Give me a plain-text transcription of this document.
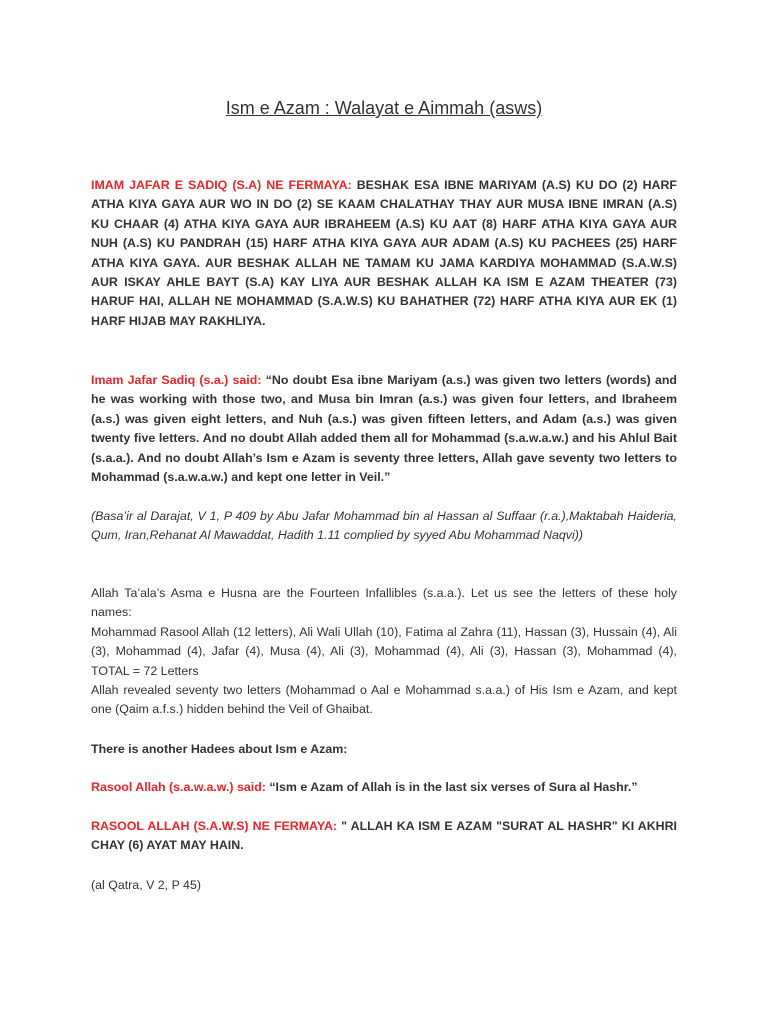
Ism e Azam : Walayat e Aimmah (asws)

IMAM JAFAR E SADIQ (S.A) NE FERMAYA: BESHAK ESA IBNE MARIYAM (A.S) KU DO (2) HARF ATHA KIYA GAYA AUR WO IN DO (2) SE KAAM CHALATHAY THAY AUR MUSA IBNE IMRAN (A.S) KU CHAAR (4) ATHA KIYA GAYA AUR IBRAHEEM (A.S) KU AAT (8) HARF ATHA KIYA GAYA AUR NUH (A.S) KU PANDRAH (15) HARF ATHA KIYA GAYA AUR ADAM (A.S) KU PACHEES (25) HARF ATHA KIYA GAYA. AUR BESHAK ALLAH NE TAMAM KU JAMA KARDIYA MOHAMMAD (S.A.W.S) AUR ISKAY AHLE BAYT (S.A) KAY LIYA AUR BESHAK ALLAH KA ISM E AZAM THEATER (73) HARUF HAI, ALLAH NE MOHAMMAD (S.A.W.S) KU BAHATHER (72) HARF ATHA KIYA AUR EK (1) HARF HIJAB MAY RAKHLIYA.

Imam Jafar Sadiq (s.a.) said: “No doubt Esa ibne Mariyam (a.s.) was given two letters (words) and he was working with those two, and Musa bin Imran (a.s.) was given four letters, and Ibraheem (a.s.) was given eight letters, and Nuh (a.s.) was given fifteen letters, and Adam (a.s.) was given twenty five letters. And no doubt Allah added them all for Mohammad (s.a.w.a.w.) and his Ahlul Bait (s.a.a.). And no doubt Allah’s Ism e Azam is seventy three letters, Allah gave seventy two letters to Mohammad (s.a.w.a.w.) and kept one letter in Veil.”

(Basa’ir al Darajat, V 1, P 409 by Abu Jafar Mohammad bin al Hassan al Suffaar (r.a.),Maktabah Haideria, Qum, Iran,Rehanat Al Mawaddat, Hadith 1.11 complied by syyed Abu Mohammad Naqvi))

Allah Ta’ala’s Asma e Husna are the Fourteen Infallibles (s.a.a.). Let us see the letters of these holy names:
Mohammad Rasool Allah (12 letters), Ali Wali Ullah (10), Fatima al Zahra (11), Hassan (3), Hussain (4), Ali (3), Mohammad (4), Jafar (4), Musa (4), Ali (3), Mohammad (4), Ali (3), Hassan (3), Mohammad (4), TOTAL = 72 Letters
Allah revealed seventy two letters (Mohammad o Aal e Mohammad s.a.a.) of His Ism e Azam, and kept one (Qaim a.f.s.) hidden behind the Veil of Ghaibat.

There is another Hadees about Ism e Azam:

Rasool Allah (s.a.w.a.w.) said: “Ism e Azam of Allah is in the last six verses of Sura al Hashr.”

RASOOL ALLAH (S.A.W.S) NE FERMAYA: " ALLAH KA ISM E AZAM "SURAT AL HASHR" KI AKHRI CHAY (6) AYAT MAY HAIN.

(al Qatra, V 2, P 45)
